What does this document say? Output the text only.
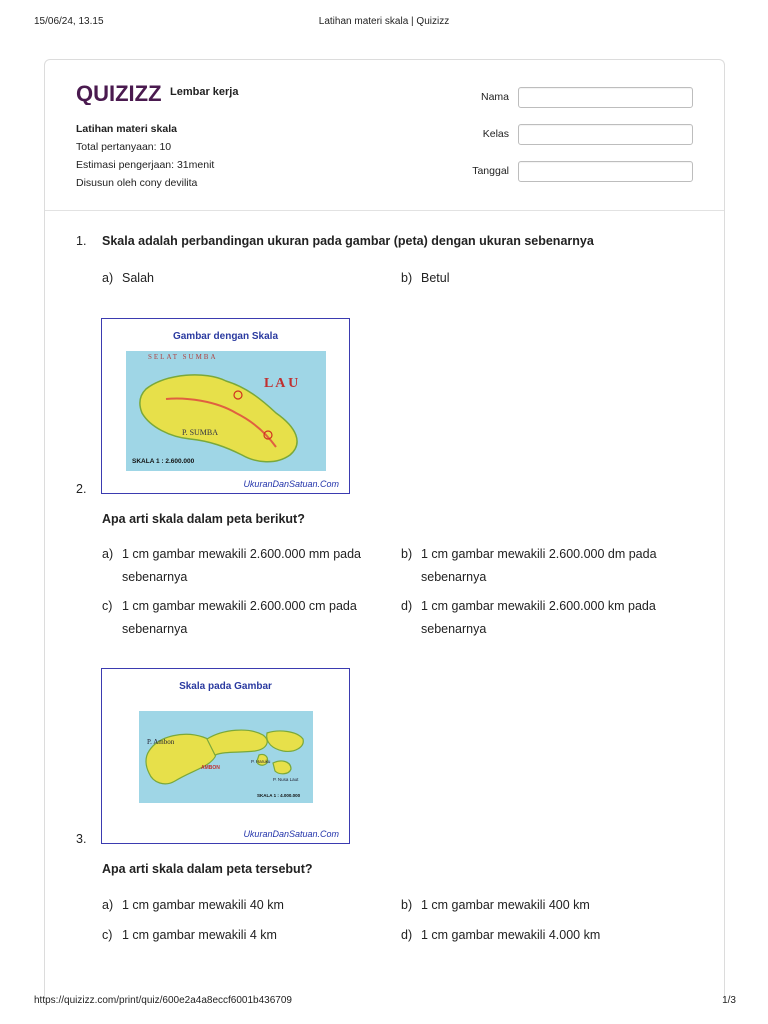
15/06/24, 13.15	Latihan materi skala | Quizizz
QUIZIZZ Lembar kerja
Latihan materi skala
Total pertanyaan: 10
Estimasi pengerjaan: 31menit
Disusun oleh cony devilita
Nama
Kelas
Tanggal
1. Skala adalah perbandingan ukuran pada gambar (peta) dengan ukuran sebenarnya
a) Salah	b) Betul
Gambar dengan Skala
SELAT SUMBA
L A U
P. SUMBA
SKALA 1 : 2.600.000
UkuranDanSatuan.Com
2.
Apa arti skala dalam peta berikut?
a) 1 cm gambar mewakili 2.600.000 mm pada sebenarnya
b) 1 cm gambar mewakili 2.600.000 dm pada sebenarnya
c) 1 cm gambar mewakili 2.600.000 cm pada sebenarnya
d) 1 cm gambar mewakili 2.600.000 km pada sebenarnya
Skala pada Gambar
P. Ambon
AMBON
P. Haruku
P. Nusa Laut
SKALA 1 : 4.000.000
UkuranDanSatuan.Com
3.
Apa arti skala dalam peta tersebut?
a) 1 cm gambar mewakili 40 km	b) 1 cm gambar mewakili 400 km
c) 1 cm gambar mewakili 4 km	d) 1 cm gambar mewakili 4.000 km
https://quizizz.com/print/quiz/600e2a4a8eccf6001b436709	1/3
